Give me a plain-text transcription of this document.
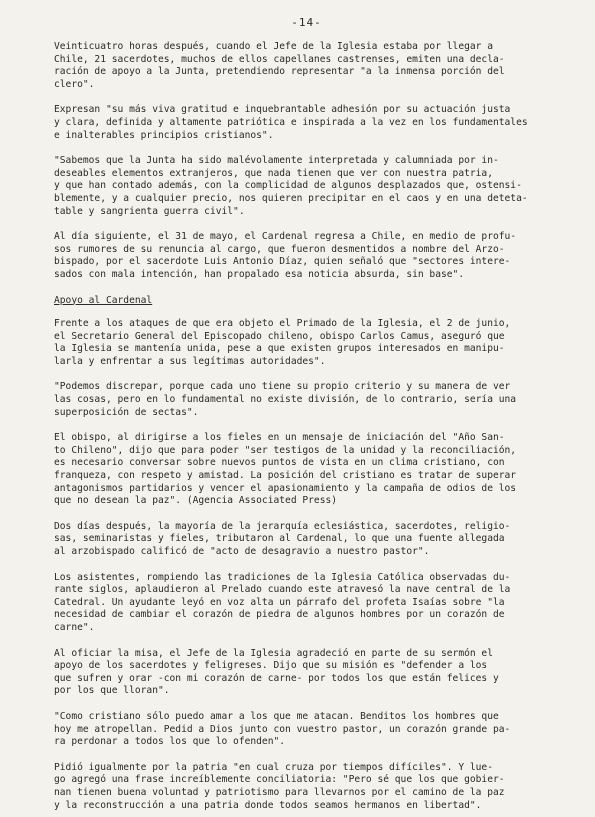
-14-
Veinticuatro horas después, cuando el Jefe de la Iglesia estaba por llegar a
Chile, 21 sacerdotes, muchos de ellos capellanes castrenses, emiten una decla-
ración de apoyo a la Junta, pretendiendo representar "a la inmensa porción del
clero".
Expresan "su más viva gratitud e inquebrantable adhesión por su actuación justa
y clara, definida y altamente patriótica e inspirada a la vez en los fundamentales
e inalterables principios cristianos".
"Sabemos que la Junta ha sido malévolamente interpretada y calumniada por in-
deseables elementos extranjeros, que nada tienen que ver con nuestra patria,
y que han contado además, con la complicidad de algunos desplazados que, ostensi-
blemente, y a cualquier precio, nos quieren precipitar en el caos y en una deteta-
table y sangrienta guerra civil".
Al día siguiente, el 31 de mayo, el Cardenal regresa a Chile, en medio de profu-
sos rumores de su renuncia al cargo, que fueron desmentidos a nombre del Arzo-
bispado, por el sacerdote Luis Antonio Díaz, quien señaló que "sectores intere-
sados con mala intención, han propalado esa noticia absurda, sin base".
Apoyo al Cardenal
Frente a los ataques de que era objeto el Primado de la Iglesia, el 2 de junio,
el Secretario General del Episcopado chileno, obispo Carlos Camus, aseguró que
la Iglesia se mantenía unida, pese a que existen grupos interesados en manipu-
larla y enfrentar a sus legítimas autoridades".
"Podemos discrepar, porque cada uno tiene su propio criterio y su manera de ver
las cosas, pero en lo fundamental no existe división, de lo contrario, sería una
superposición de sectas".
El obispo, al dirigirse a los fieles en un mensaje de iniciación del "Año San-
to Chileno", dijo que para poder "ser testigos de la unidad y la reconciliación,
es necesario conversar sobre nuevos puntos de vista en un clima cristiano, con
franqueza, con respeto y amistad. La posición del cristiano es tratar de superar
antagonismos partidarios y vencer el apasionamiento y la campaña de odios de los
que no desean la paz". (Agencia Associated Press)
Dos días después, la mayoría de la jerarquía eclesiástica, sacerdotes, religio-
sas, seminaristas y fieles, tributaron al Cardenal, lo que una fuente allegada
al arzobispado calificó de "acto de desagravio a nuestro pastor".
Los asistentes, rompiendo las tradiciones de la Iglesia Católica observadas du-
rante siglos, aplaudieron al Prelado cuando este atravesó la nave central de la
Catedral. Un ayudante leyó en voz alta un párrafo del profeta Isaías sobre "la
necesidad de cambiar el corazón de piedra de algunos hombres por un corazón de
carne".
Al oficiar la misa, el Jefe de la Iglesia agradeció en parte de su sermón el
apoyo de los sacerdotes y feligreses. Dijo que su misión es "defender a los
que sufren y orar -con mi corazón de carne- por todos los que están felices y
por los que lloran".
"Como cristiano sólo puedo amar a los que me atacan. Benditos los hombres que
hoy me atropellan. Pedid a Dios junto con vuestro pastor, un corazón grande pa-
ra perdonar a todos los que lo ofenden".
Pidió igualmente por la patria "en cual cruza por tiempos difíciles". Y lue-
go agregó una frase increíblemente conciliatoria: "Pero sé que los que gobier-
nan tienen buena voluntad y patriotismo para llevarnos por el camino de la paz
y la reconstrucción a una patria donde todos seamos hermanos en libertad".
